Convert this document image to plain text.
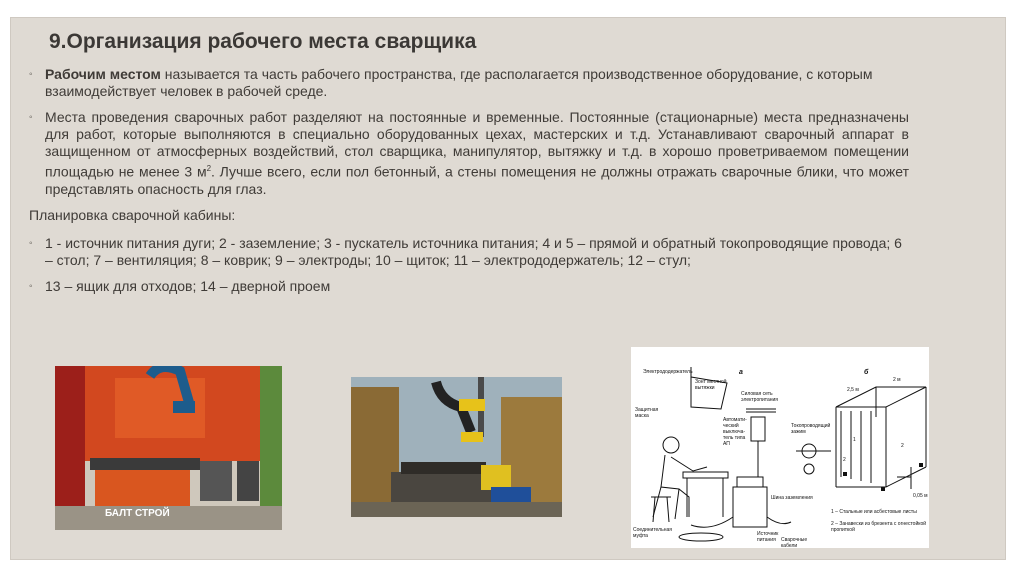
9.Организация рабочего места сварщика
◦ Рабочим местом называется та часть рабочего пространства, где располагается производственное оборудование, с которым взаимодействует человек в рабочей среде.
◦ Места проведения сварочных работ разделяют на постоянные и временные. Постоянные (стационарные) места предназначены для работ, которые выполняются в специально оборудованных цехах, мастерских и т.д. Устанавливают сварочный аппарат в защищенном от атмосферных воздействий, стол сварщика, манипулятор, вытяжку и т.д. в хорошо проветриваемом помещении площадью не менее 3 $м^2$. Лучше всего, если пол бетонный, а стены помещения не должны отражать сварочные блики, что может представлять опасность для глаз.
Планировка сварочной кабины:
◦ 1 - источник питания дуги; 2 - заземление; 3 - пускатель источника питания; 4 и 5 – прямой и обратный токопроводящие провода; 6 – стол; 7 – вентиляция; 8 – коврик; 9 – электроды; 10 – щиток; 11 – электрододержатель; 12 – стул;
◦ 13 – ящик для отходов; 14 – дверной проем
БАЛТ СТРОЙ
а	б
Электрододержатель
Защитная маска
Зонт местной вытяжки
Силовая сеть электропитания
Автомати-ческий выключа-тель типа АП
Токопроводящий зажим
Шина заземления
Источник питания
Соединительная муфта
Сварочные кабели
2 м
2,5 м
0,05 м
1
2
2
1 – Стальные или асбестовые листы
2 – Занавески из брезента с огнестойкой пропиткой
